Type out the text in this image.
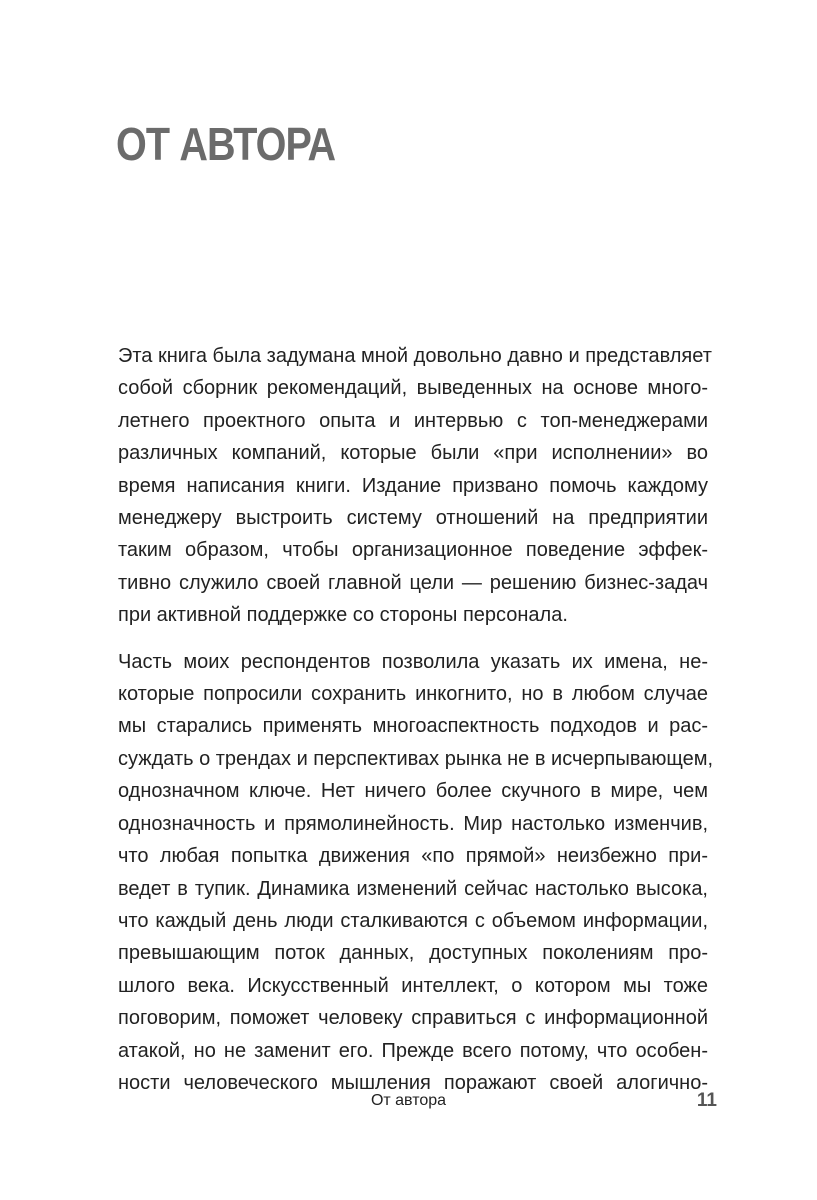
ОТ АВТОРА

Эта книга была задумана мной довольно давно и представляет
собой сборник рекомендаций, выведенных на основе много-
летнего проектного опыта и интервью с топ-менеджерами
различных компаний, которые были «при исполнении» во
время написания книги. Издание призвано помочь каждому
менеджеру выстроить систему отношений на предприятии
таким образом, чтобы организационное поведение эффек-
тивно служило своей главной цели — решению бизнес-задач
при активной поддержке со стороны персонала.

Часть моих респондентов позволила указать их имена, не-
которые попросили сохранить инкогнито, но в любом случае
мы старались применять многоаспектность подходов и рас-
суждать о трендах и перспективах рынка не в исчерпывающем,
однозначном ключе. Нет ничего более скучного в мире, чем
однозначность и прямолинейность. Мир настолько изменчив,
что любая попытка движения «по прямой» неизбежно при-
ведет в тупик. Динамика изменений сейчас настолько высока,
что каждый день люди сталкиваются с объемом информации,
превышающим поток данных, доступных поколениям про-
шлого века. Искусственный интеллект, о котором мы тоже
поговорим, поможет человеку справиться с информационной
атакой, но не заменит его. Прежде всего потому, что особен-
ности человеческого мышления поражают своей алогично-

От автора	11
